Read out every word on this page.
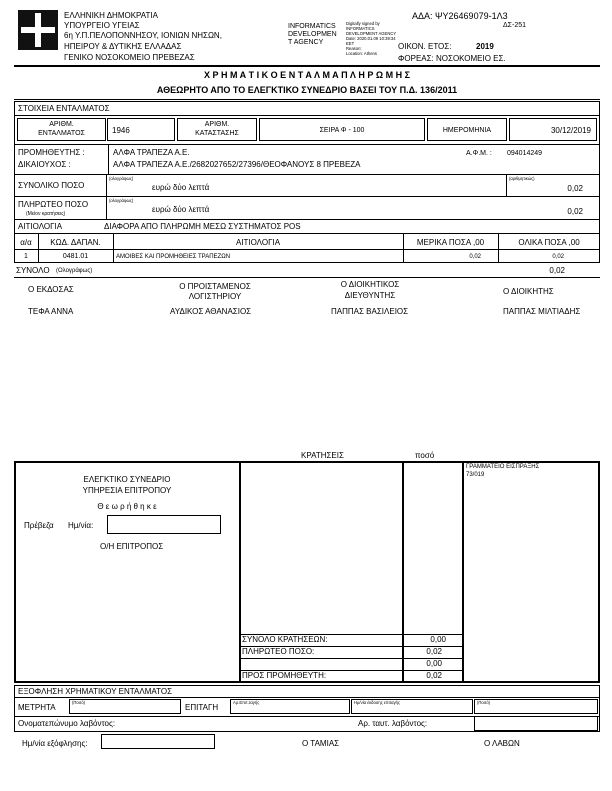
ΕΛΛΗΝΙΚΗ ΔΗΜΟΚΡΑΤΙΑ
ΥΠΟΥΡΓΕΙΟ ΥΓΕΙΑΣ
6η Υ.Π.ΠΕΛΟΠΟΝΝΗΣΟΥ, ΙΟΝΙΩΝ ΝΗΣΩΝ,
ΗΠΕΙΡΟΥ & ΔΥΤΙΚΗΣ ΕΛΛΑΔΑΣ
ΓΕΝΙΚΟ ΝΟΣΟΚΟΜΕΙΟ ΠΡΕΒΕΖΑΣ
INFORMATICS
DEVELOPMEN
T AGENCY
Digitally signed by
INFORMATICS
DEVELOPMENT AGENCY
Date: 2020.01.09 10:39:34
EET
Reason:
Location: Athens
ΑΔΑ: ΨΥ26469079-1Λ3
ΔΣ-251
ΟΙΚΟΝ. ΕΤΟΣ:	2019
ΦΟΡΕΑΣ: ΝΟΣΟΚΟΜΕΙΟ ΕΣ.
Χ Ρ Η Μ Α Τ Ι Κ Ο Ε Ν Τ Α Λ Μ Α Π Λ Η Ρ Ω Μ Η Σ
ΑΘΕΩΡΗΤΟ ΑΠΟ ΤΟ ΕΛΕΓΚΤΙΚΟ ΣΥΝΕΔΡΙΟ ΒΑΣΕΙ ΤΟΥ Π.Δ. 136/2011
ΣΤΟΙΧΕΙΑ ΕΝΤΑΛΜΑΤΟΣ
ΑΡΙΘΜ.
ΕΝΤΑΛΜΑΤΟΣ	1946
ΑΡΙΘΜ.
ΚΑΤΑΣΤΑΣΗΣ	ΣΕΙΡΑ Φ - 100	ΗΜΕΡΟΜΗΝΙΑ	30/12/2019
ΠΡΟΜΗΘΕΥΤΗΣ :
ΔΙΚΑΙΟΥΧΟΣ :
ΑΛΦΑ ΤΡΑΠΕΖΑ Α.Ε.	Α.Φ.Μ. : 094014249
ΑΛΦΑ ΤΡΑΠΕΖΑ Α.Ε./2682027652/27396/ΘΕΟΦΑΝΟΥΣ 8 ΠΡΕΒΕΖΑ
ΣΥΝΟΛΙΚΟ ΠΟΣΟ
(ολογράφως)
ευρώ δύο λεπτά
(αριθμητικώς)
0,02
ΠΛΗΡΩΤΕΟ ΠΟΣΟ
(Μείον κρατήσεις)
(ολογράφως)
ευρώ δύο λεπτά	0,02
ΑΙΤΙΟΛΟΓΙΑ	ΔΙΑΦΟΡΑ ΑΠΟ ΠΛΗΡΩΜΗ ΜΕΣΩ ΣΥΣΤΗΜΑΤΟΣ POS
α/α	ΚΩΔ. ΔΑΠΑΝ.	ΑΙΤΙΟΛΟΓΙΑ	ΜΕΡΙΚΑ ΠΟΣΑ ,00	ΟΛΙΚΑ ΠΟΣΑ ,00
1	0481.01	ΑΜΟΙΒΕΣ ΚΑΙ ΠΡΟΜΗΘΕΙΕΣ ΤΡΑΠΕΖΩΝ	0,02	0,02
ΣΥΝΟΛΟ (Ολογράφως)	0,02
Ο ΕΚΔΟΣΑΣ	Ο ΠΡΟΙΣΤΑΜΕΝΟΣ
ΛΟΓΙΣΤΗΡΙΟΥ
Ο ΔΙΟΙΚΗΤΙΚΟΣ
ΔΙΕΥΘΥΝΤΗΣ	Ο ΔΙΟΙΚΗΤΗΣ
ΤΕΦΑ ΑΝΝΑ	ΑΥΔΙΚΟΣ ΑΘΑΝΑΣΙΟΣ	ΠΑΠΠΑΣ ΒΑΣΙΛΕΙΟΣ	ΠΑΠΠΑΣ ΜΙΛΤΙΑΔΗΣ
ΚΡΑΤΗΣΕΙΣ	ποσό
ΕΛΕΓΚΤΙΚΟ ΣΥΝΕΔΡΙΟ
ΥΠΗΡΕΣΙΑ ΕΠΙΤΡΟΠΟΥ
Θ ε ω ρ ή θ η κ ε
Πρέβεζα Ημ/νία:
Ο/Η ΕΠΙΤΡΟΠΟΣ
ΓΡΑΜΜΑΤΕΙΟ ΕΙΣΠΡΑΞΗΣ
73/019
ΣΥΝΟΛΟ ΚΡΑΤΗΣΕΩΝ:	0,00
ΠΛΗΡΩΤΕΟ ΠΟΣΟ:	0,02
0,00
ΠΡΟΣ ΠΡΟΜΗΘΕΥΤΗ:	0,02
ΕΞΟΦΛΗΣΗ ΧΡΗΜΑΤΙΚΟΥ ΕΝΤΑΛΜΑΤΟΣ
ΜΕΤΡΗΤΑ
(Ποσό)
ΕΠΙΤΑΓΗ
Αρ.Επιτ.ταγής	Ημ/νία έκδοσης επιταγής	(Ποσό)
Ονοματεπώνυμο λαβόντος:	Αρ. ταυτ. λαβόντος:
Ημ/νία εξόφλησης:	Ο ΤΑΜΙΑΣ	Ο ΛΑΒΩΝ
